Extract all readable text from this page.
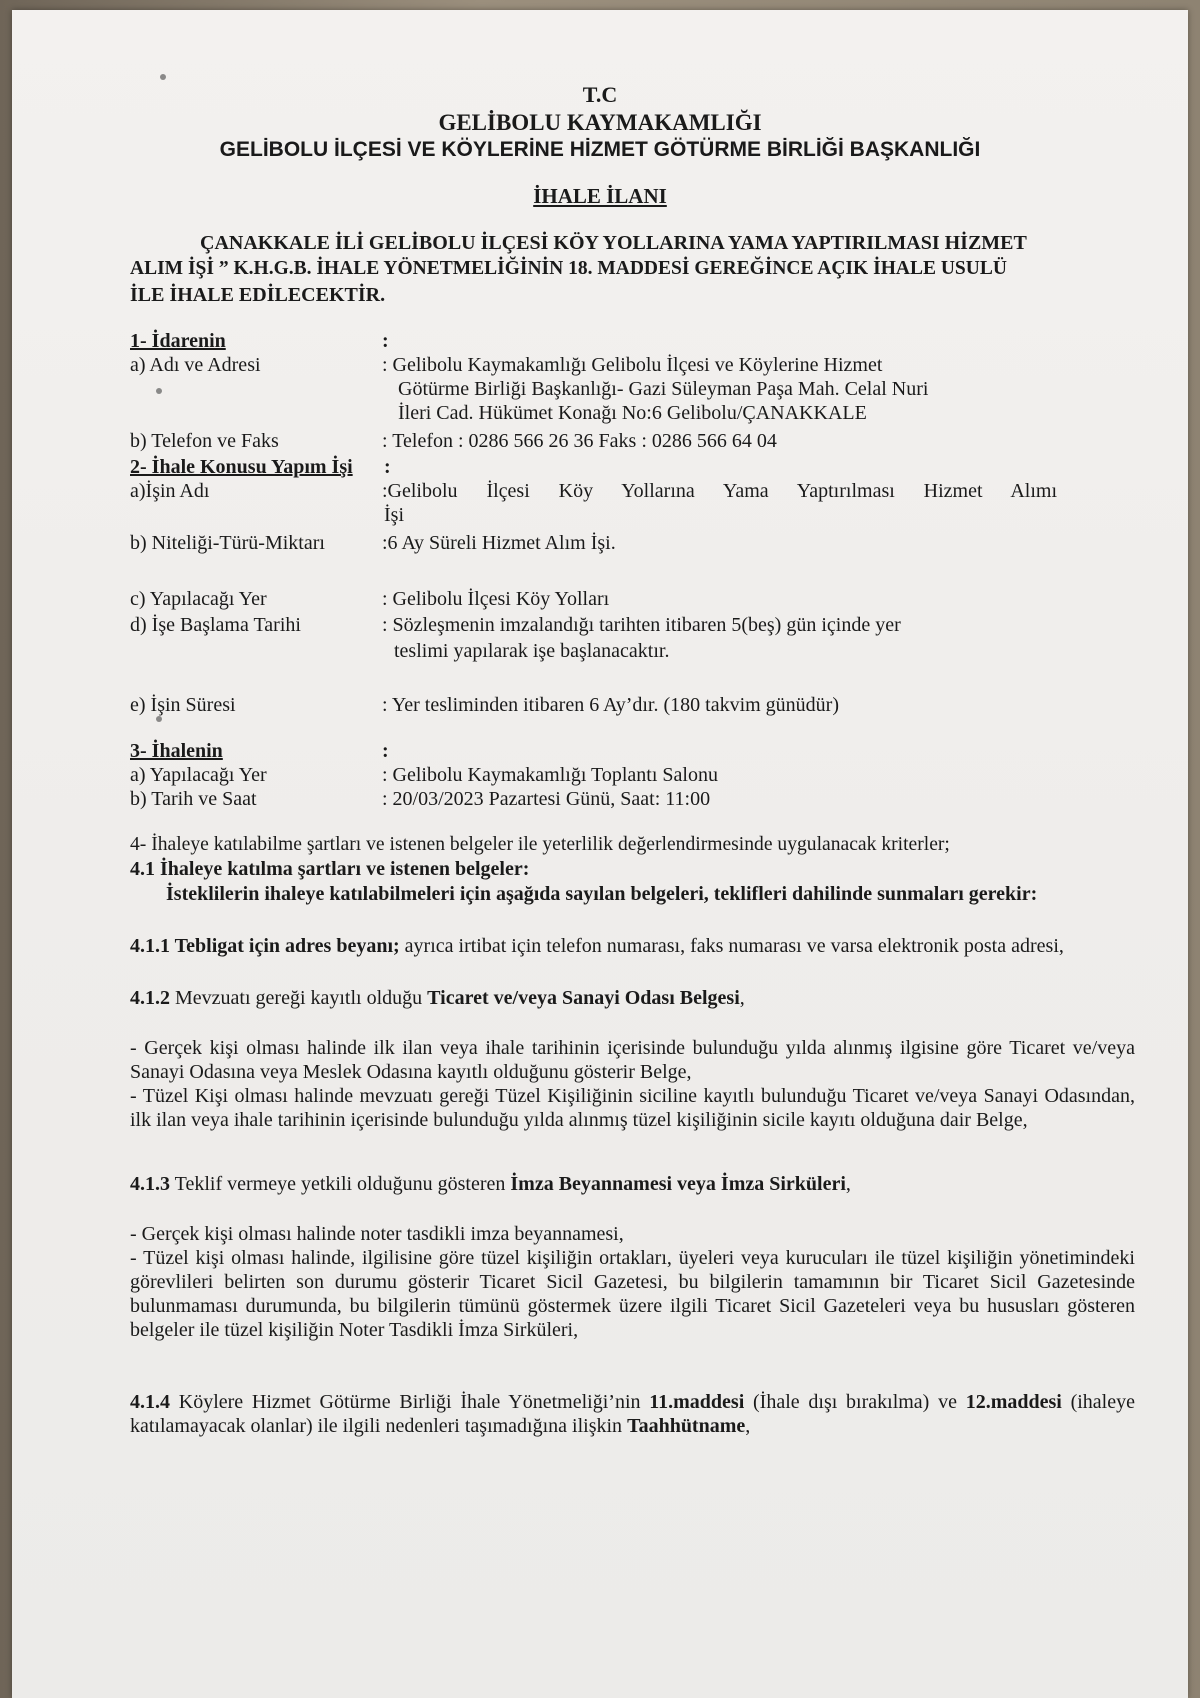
T.C
GELİBOLU KAYMAKAMLIĞI
GELİBOLU İLÇESİ VE KÖYLERİNE HİZMET GÖTÜRME BİRLİĞİ BAŞKANLIĞI
İHALE İLANI
ÇANAKKALE İLİ GELİBOLU İLÇESİ KÖY YOLLARINA YAMA YAPTIRILMASI HİZMET
ALIM İŞİ ” K.H.G.B. İHALE YÖNETMELİĞİNİN 18. MADDESİ GEREĞİNCE AÇIK İHALE USULÜ
İLE İHALE EDİLECEKTİR.
1- İdarenin	:
a) Adı ve Adresi	: Gelibolu Kaymakamlığı Gelibolu İlçesi ve Köylerine Hizmet
Götürme Birliği Başkanlığı- Gazi Süleyman Paşa Mah. Celal Nuri
İleri Cad. Hükümet Konağı No:6 Gelibolu/ÇANAKKALE
b) Telefon ve Faks	: Telefon : 0286 566 26 36 Faks : 0286 566 64 04
2- İhale Konusu Yapım İşi :
a)İşin Adı	:Gelibolu İlçesi Köy Yollarına Yama Yaptırılması Hizmet Alımı
İşi
b) Niteliği-Türü-Miktarı	:6 Ay Süreli Hizmet Alım İşi.
c) Yapılacağı Yer	: Gelibolu İlçesi Köy Yolları
d) İşe Başlama Tarihi	: Sözleşmenin imzalandığı tarihten itibaren 5(beş) gün içinde yer
teslimi yapılarak işe başlanacaktır.
e) İşin Süresi	: Yer tesliminden itibaren 6 Ay’dır. (180 takvim günüdür)
3- İhalenin	:
a) Yapılacağı Yer	: Gelibolu Kaymakamlığı Toplantı Salonu
b) Tarih ve Saat	: 20/03/2023 Pazartesi Günü, Saat: 11:00
4- İhaleye katılabilme şartları ve istenen belgeler ile yeterlilik değerlendirmesinde uygulanacak kriterler;
4.1 İhaleye katılma şartları ve istenen belgeler:
İsteklilerin ihaleye katılabilmeleri için aşağıda sayılan belgeleri, teklifleri dahilinde sunmaları gerekir:
4.1.1 Tebligat için adres beyanı; ayrıca irtibat için telefon numarası, faks numarası ve varsa elektronik posta adresi,
4.1.2 Mevzuatı gereği kayıtlı olduğu Ticaret ve/veya Sanayi Odası Belgesi,
- Gerçek kişi olması halinde ilk ilan veya ihale tarihinin içerisinde bulunduğu yılda alınmış ilgisine göre Ticaret ve/veya Sanayi Odasına veya Meslek Odasına kayıtlı olduğunu gösterir Belge,
- Tüzel Kişi olması halinde mevzuatı gereği Tüzel Kişiliğinin siciline kayıtlı bulunduğu Ticaret ve/veya Sanayi Odasından, ilk ilan veya ihale tarihinin içerisinde bulunduğu yılda alınmış tüzel kişiliğinin sicile kayıtı olduğuna dair Belge,
4.1.3 Teklif vermeye yetkili olduğunu gösteren İmza Beyannamesi veya İmza Sirküleri,
- Gerçek kişi olması halinde noter tasdikli imza beyannamesi,
- Tüzel kişi olması halinde, ilgilisine göre tüzel kişiliğin ortakları, üyeleri veya kurucuları ile tüzel kişiliğin yönetimindeki görevlileri belirten son durumu gösterir Ticaret Sicil Gazetesi, bu bilgilerin tamamının bir Ticaret Sicil Gazetesinde bulunmaması durumunda, bu bilgilerin tümünü göstermek üzere ilgili Ticaret Sicil Gazeteleri veya bu hususları gösteren belgeler ile tüzel kişiliğin Noter Tasdikli İmza Sirküleri,
4.1.4 Köylere Hizmet Götürme Birliği İhale Yönetmeliği’nin 11.maddesi (İhale dışı bırakılma) ve 12.maddesi (ihaleye katılamayacak olanlar) ile ilgili nedenleri taşımadığına ilişkin Taahhütname,
